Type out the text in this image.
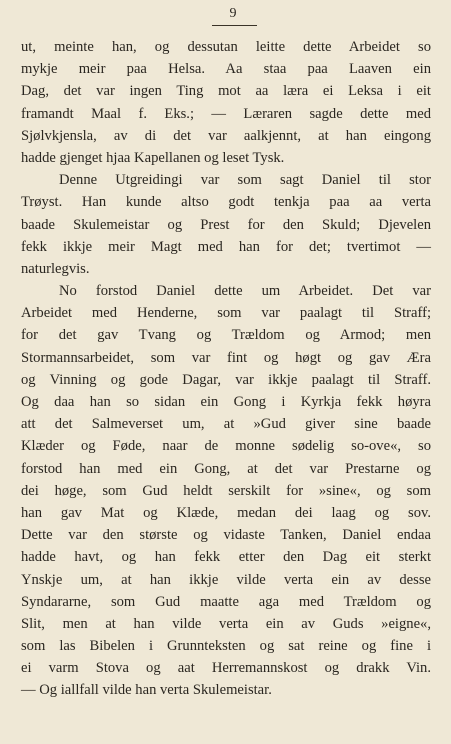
9
ut, meinte han, og dessutan leitte dette Arbeidet so
mykje meir paa Helsa. Aa staa paa Laaven ein
Dag, det var ingen Ting mot aa læra ei Leksa i eit
framandt Maal f. Eks.; — Læraren sagde dette med
Sjølvkjensla, av di det var aalkjennt, at han eingong
hadde gjenget hjaa Kapellanen og leset Tysk.
Denne Utgreidingi var som sagt Daniel til stor
Trøyst. Han kunde altso godt tenkja paa aa verta
baade Skulemeistar og Prest for den Skuld; Djevelen
fekk ikkje meir Magt med han for det; tvertimot —
naturlegvis.
No forstod Daniel dette um Arbeidet. Det var
Arbeidet med Henderne, som var paalagt til Straff;
for det gav Tvang og Trældom og Armod; men
Stormannsarbeidet, som var fint og høgt og gav Æra
og Vinning og gode Dagar, var ikkje paalagt til Straff.
Og daa han so sidan ein Gong i Kyrkja fekk høyra
att det Salmeverset um, at »Gud giver sine baade
Klæder og Føde, naar de monne sødelig so-ove«, so
forstod han med ein Gong, at det var Prestarne og
dei høge, som Gud heldt serskilt for »sine«, og som
han gav Mat og Klæde, medan dei laag og sov.
Dette var den største og vidaste Tanken, Daniel endaa
hadde havt, og han fekk etter den Dag eit sterkt
Ynskje um, at han ikkje vilde verta ein av desse
Syndararne, som Gud maatte aga med Trældom og
Slit, men at han vilde verta ein av Guds »eigne«,
som las Bibelen i Grunnteksten og sat reine og fine i
ei varm Stova og aat Herremannskost og drakk Vin.
— Og iallfall vilde han verta Skulemeistar.
